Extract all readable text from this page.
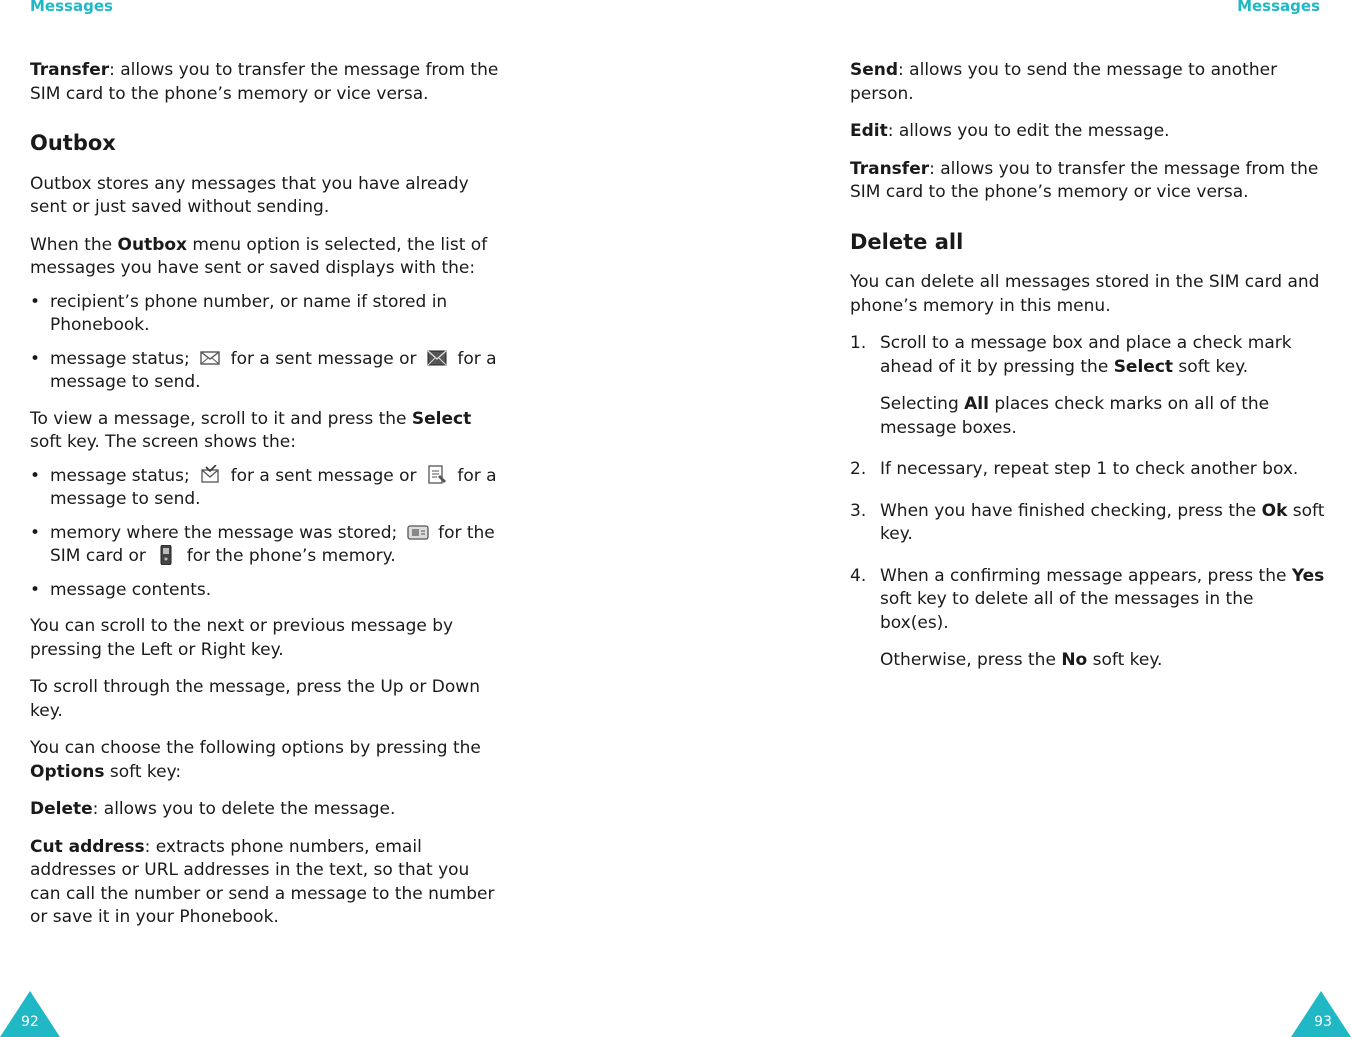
Messages	Messages

Transfer: allows you to transfer the message from the SIM card to the phone’s memory or vice versa.

Outbox

Outbox stores any messages that you have already sent or just saved without sending.

When the Outbox menu option is selected, the list of messages you have sent or saved displays with the:

• recipient’s phone number, or name if stored in Phonebook.
• message status; for a sent message or for a message to send.

To view a message, scroll to it and press the Select soft key. The screen shows the:

• message status; for a sent message or for a message to send.
• memory where the message was stored; for the SIM card or for the phone’s memory.
• message contents.

You can scroll to the next or previous message by pressing the Left or Right key.

To scroll through the message, press the Up or Down key.

You can choose the following options by pressing the Options soft key:

Delete: allows you to delete the message.

Cut address: extracts phone numbers, email addresses or URL addresses in the text, so that you can call the number or send a message to the number or save it in your Phonebook.

Send: allows you to send the message to another person.

Edit: allows you to edit the message.

Transfer: allows you to transfer the message from the SIM card to the phone’s memory or vice versa.

Delete all

You can delete all messages stored in the SIM card and phone’s memory in this menu.

1. Scroll to a message box and place a check mark ahead of it by pressing the Select soft key.

Selecting All places check marks on all of the message boxes.

2. If necessary, repeat step 1 to check another box.
3. When you have finished checking, press the Ok soft key.
4. When a confirming message appears, press the Yes soft key to delete all of the messages in the box(es).

Otherwise, press the No soft key.

92	93
